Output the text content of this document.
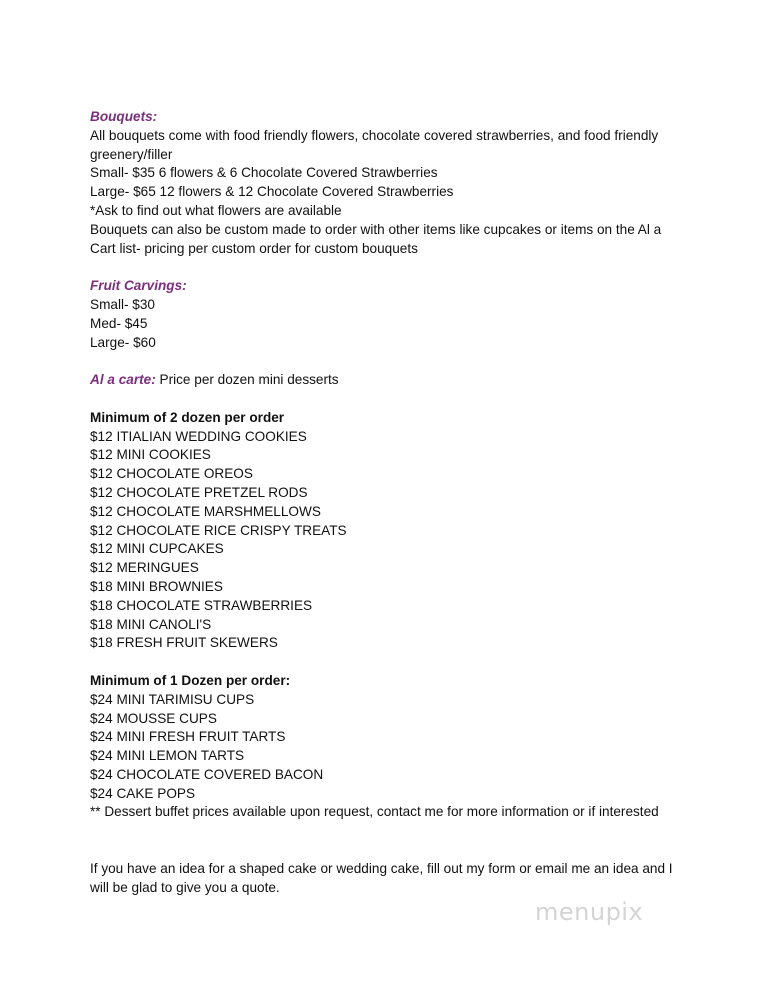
Bouquets:
All bouquets come with food friendly flowers, chocolate covered strawberries, and food friendly greenery/filler
Small- $35 6 flowers & 6 Chocolate Covered Strawberries
Large- $65 12 flowers & 12 Chocolate Covered Strawberries
*Ask to find out what flowers are available
Bouquets can also be custom made to order with other items like cupcakes or items on the Al a Cart list- pricing per custom order for custom bouquets
Fruit Carvings:
Small- $30
Med- $45
Large- $60
Al a carte: Price per dozen mini desserts
Minimum of 2 dozen per order
$12 ITIALIAN WEDDING COOKIES
$12 MINI COOKIES
$12 CHOCOLATE OREOS
$12 CHOCOLATE PRETZEL RODS
$12 CHOCOLATE MARSHMELLOWS
$12 CHOCOLATE RICE CRISPY TREATS
$12 MINI CUPCAKES
$12 MERINGUES
$18 MINI BROWNIES
$18 CHOCOLATE STRAWBERRIES
$18 MINI CANOLI'S
$18 FRESH FRUIT SKEWERS
Minimum of 1 Dozen per order:
$24 MINI TARIMISU CUPS
$24 MOUSSE CUPS
$24 MINI FRESH FRUIT TARTS
$24 MINI LEMON TARTS
$24 CHOCOLATE COVERED BACON
$24 CAKE POPS
** Dessert buffet prices available upon request, contact me for more information or if interested
If you have an idea for a shaped cake or wedding cake, fill out my form or email me an idea and I will be glad to give you a quote.
menupix
